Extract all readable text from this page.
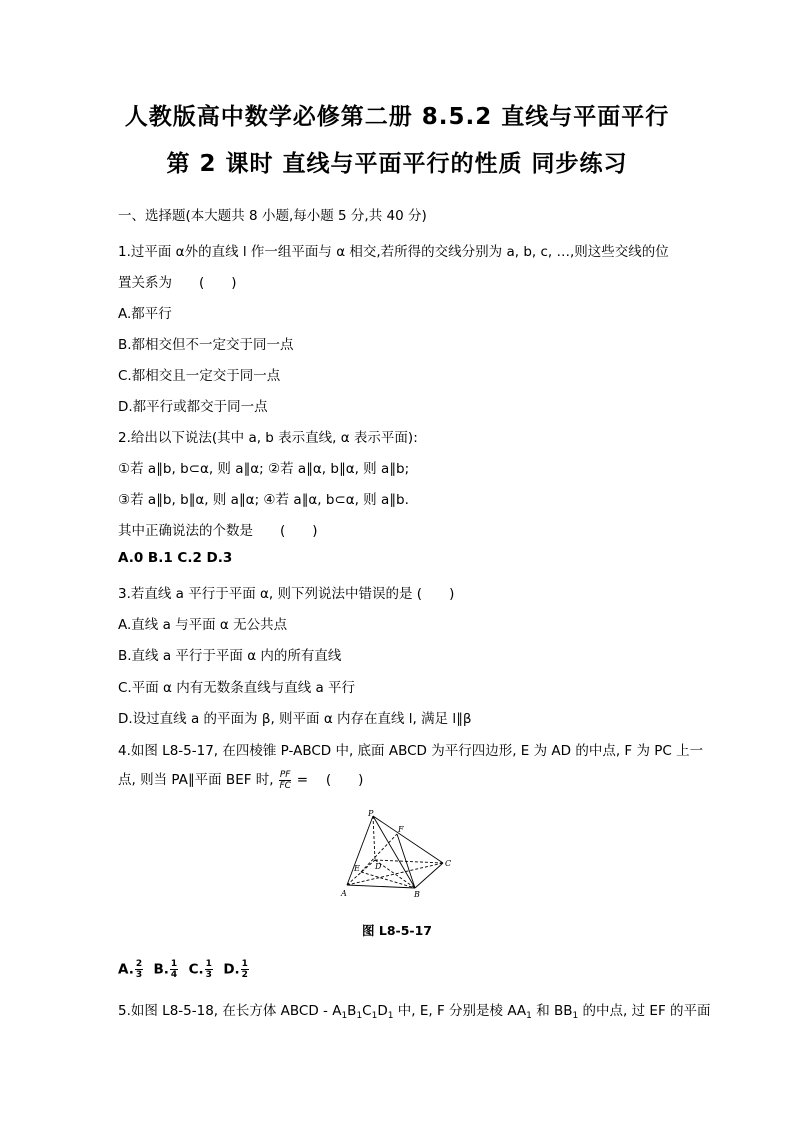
人教版高中数学必修第二册 8.5.2 直线与平面平行
第 2 课时 直线与平面平行的性质 同步练习
一、选择题(本大题共 8 小题,每小题 5 分,共 40 分)
1.过平面 α外的直线 l 作一组平面与 α 相交,若所得的交线分别为 a, b, c, …,则这些交线的位
置关系为　　(　　)
A.都平行
B.都相交但不一定交于同一点
C.都相交且一定交于同一点
D.都平行或都交于同一点
2.给出以下说法(其中 a, b 表示直线, α 表示平面):
①若 a∥b, b⊂α, 则 a∥α; ②若 a∥α, b∥α, 则 a∥b;
③若 a∥b, b∥α, 则 a∥α; ④若 a∥α, b⊂α, 则 a∥b.
其中正确说法的个数是　　(　　)
A.0 B.1 C.2 D.3
3.若直线 a 平行于平面 α, 则下列说法中错误的是 (　　)
A.直线 a 与平面 α 无公共点
B.直线 a 平行于平面 α 内的所有直线
C.平面 α 内有无数条直线与直线 a 平行
D.设过直线 a 的平面为 β, 则平面 α 内存在直线 l, 满足 l∥β
4.如图 L8-5-17, 在四棱锥 P-ABCD 中, 底面 ABCD 为平行四边形, E 为 AD 的中点, F 为 PC 上一
点, 则当 PA∥平面 BEF 时, $\frac{PF}{FC}$ =　 (　　)
P
F
C
E D
A	B
图 L8-5-17
A. $\frac{2}{3} B$. $\frac{1}{4} C$. $\frac{1}{3} D$. $\frac{1}{2}$
5.如图 L8-5-18, 在长方体 ABCD - $A_1B_1C_1D_1$ 中, E, F 分别是棱 $AA_1$ 和 $BB_1$ 的中点, 过 EF 的平面
